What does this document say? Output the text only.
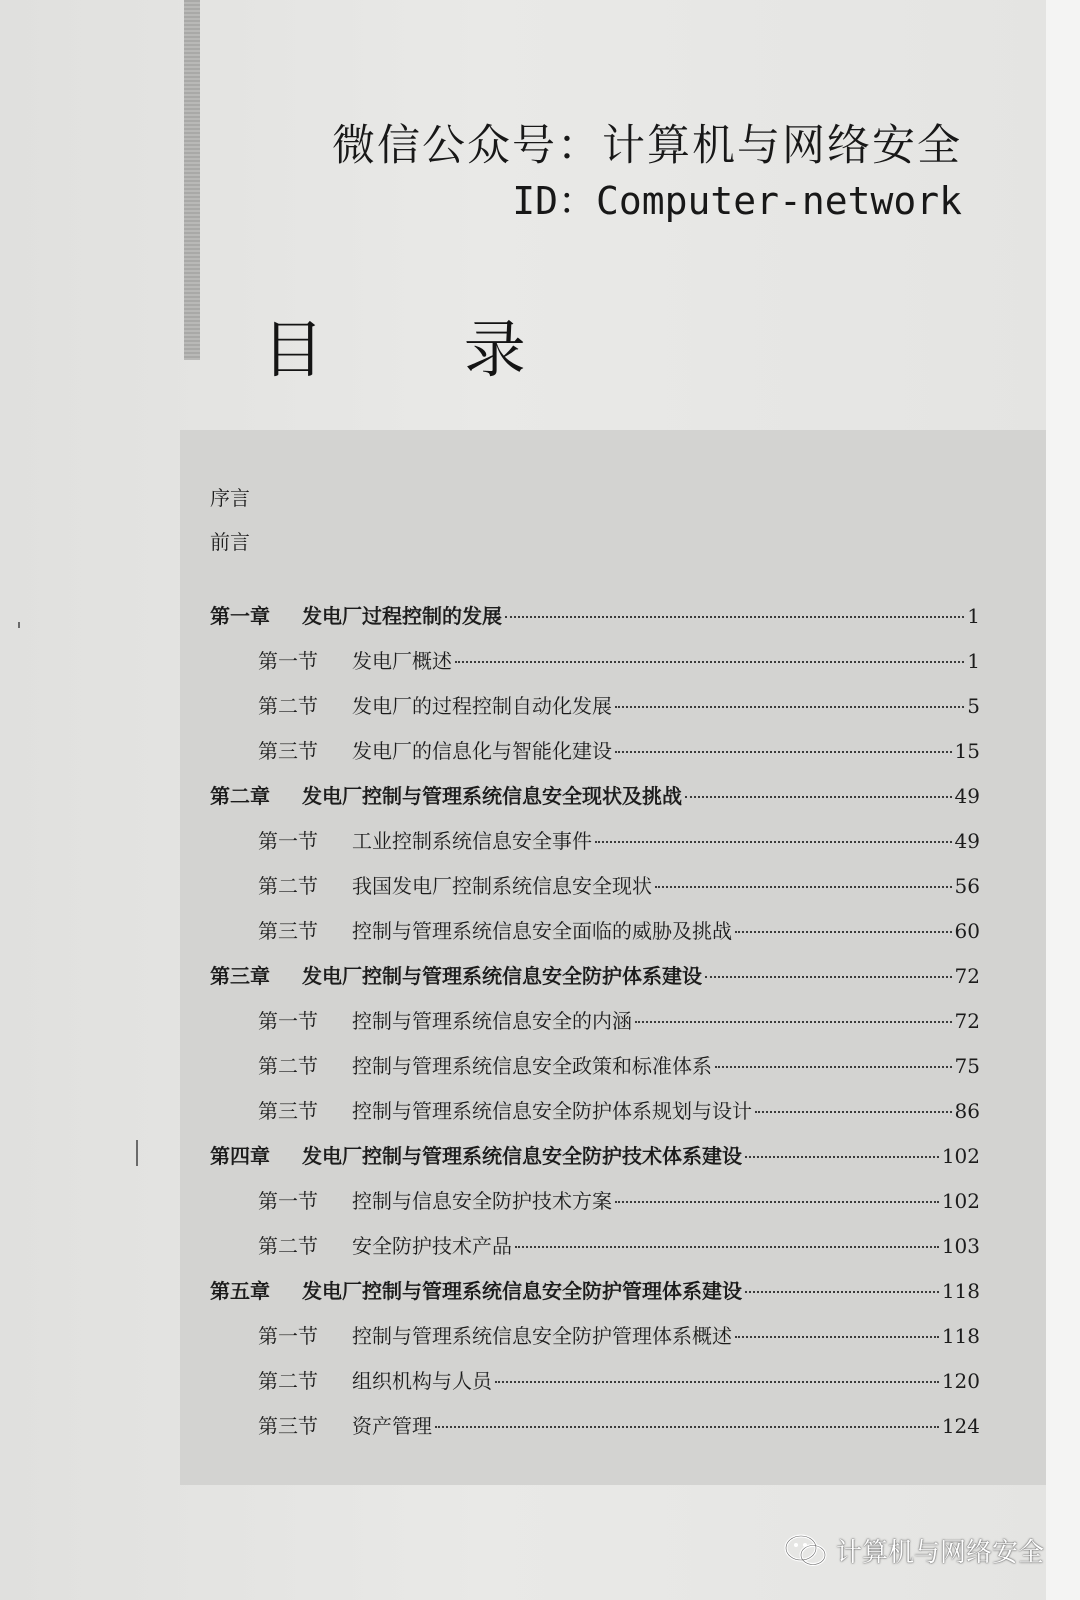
微信公众号：计算机与网络安全
ID：Computer-network
目 录
序言
前言
第一章	发电厂过程控制的发展	1
第一节	发电厂概述	1
第二节	发电厂的过程控制自动化发展	5
第三节	发电厂的信息化与智能化建设	15
第二章	发电厂控制与管理系统信息安全现状及挑战	49
第一节	工业控制系统信息安全事件	49
第二节	我国发电厂控制系统信息安全现状	56
第三节	控制与管理系统信息安全面临的威胁及挑战	60
第三章	发电厂控制与管理系统信息安全防护体系建设	72
第一节	控制与管理系统信息安全的内涵	72
第二节	控制与管理系统信息安全政策和标准体系	75
第三节	控制与管理系统信息安全防护体系规划与设计	86
第四章	发电厂控制与管理系统信息安全防护技术体系建设	102
第一节	控制与信息安全防护技术方案	102
第二节	安全防护技术产品	103
第五章	发电厂控制与管理系统信息安全防护管理体系建设	118
第一节	控制与管理系统信息安全防护管理体系概述	118
第二节	组织机构与人员	120
第三节	资产管理	124
计算机与网络安全
